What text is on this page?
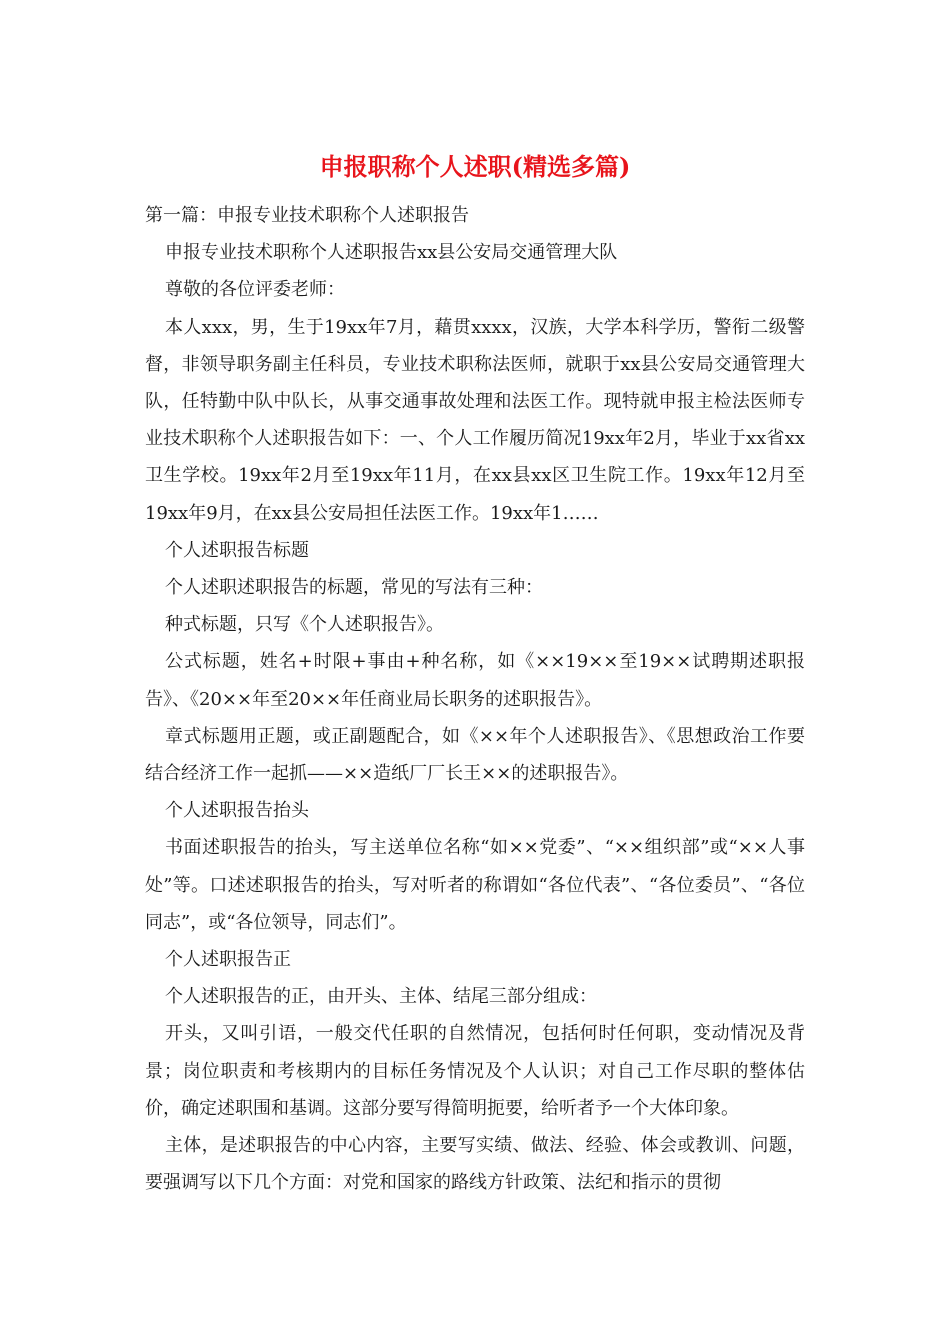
申报职称个人述职(精选多篇)

第一篇：申报专业技术职称个人述职报告

申报专业技术职称个人述职报告xx县公安局交通管理大队

尊敬的各位评委老师：

本人xxx，男，生于19xx年7月，藉贯xxxx，汉族，大学本科学历，警衔二级警督，非领导职务副主任科员，专业技术职称法医师，就职于xx县公安局交通管理大队，任特勤中队中队长，从事交通事故处理和法医工作。现特就申报主检法医师专业技术职称个人述职报告如下：一、个人工作履历简况19xx年2月，毕业于xx省xx卫生学校。19xx年2月至19xx年11月，在xx县xx区卫生院工作。19xx年12月至19xx年9月，在xx县公安局担任法医工作。19xx年1……

个人述职报告标题

个人述职述职报告的标题，常见的写法有三种：

种式标题，只写《个人述职报告》。

公式标题，姓名+时限+事由+种名称，如《××19××至19××试聘期述职报告》、《20××年至20××年任商业局长职务的述职报告》。

章式标题用正题，或正副题配合，如《××年个人述职报告》、《思想政治工作要结合经济工作一起抓——××造纸厂厂长王××的述职报告》。

个人述职报告抬头

书面述职报告的抬头，写主送单位名称“如××党委”、“××组织部”或“××人事处”等。口述述职报告的抬头，写对听者的称谓如“各位代表”、“各位委员”、“各位同志”，或“各位领导，同志们”。

个人述职报告正

个人述职报告的正，由开头、主体、结尾三部分组成：

开头，又叫引语，一般交代任职的自然情况，包括何时任何职，变动情况及背景；岗位职责和考核期内的目标任务情况及个人认识；对自己工作尽职的整体估价，确定述职围和基调。这部分要写得简明扼要，给听者予一个大体印象。

主体，是述职报告的中心内容，主要写实绩、做法、经验、体会或教训、问题，要强调写以下几个方面：对党和国家的路线方针政策、法纪和指示的贯彻
